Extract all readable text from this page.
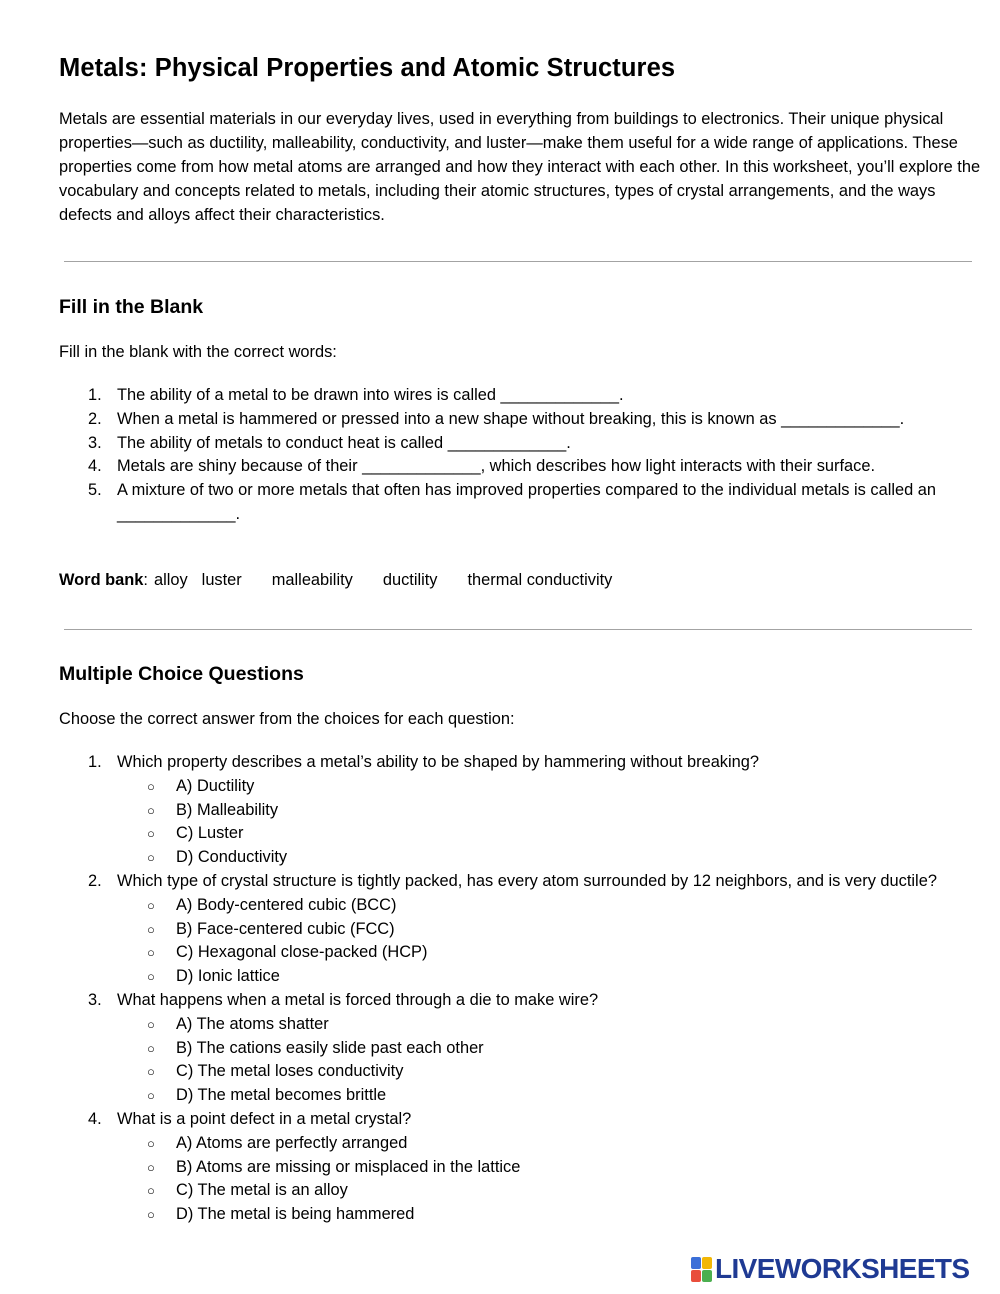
Metals: Physical Properties and Atomic Structures

Metals are essential materials in our everyday lives, used in everything from buildings to electronics. Their unique physical properties—such as ductility, malleability, conductivity, and luster—make them useful for a wide range of applications. These properties come from how metal atoms are arranged and how they interact with each other. In this worksheet, you’ll explore the vocabulary and concepts related to metals, including their atomic structures, types of crystal arrangements, and the ways defects and alloys affect their characteristics.

Fill in the Blank

Fill in the blank with the correct words:

1. The ability of a metal to be drawn into wires is called _____________.
2. When a metal is hammered or pressed into a new shape without breaking, this is known as _____________.
3. The ability of metals to conduct heat is called _____________.
4. Metals are shiny because of their _____________, which describes how light interacts with their surface.
5. A mixture of two or more metals that often has improved properties compared to the individual metals is called an _____________.

Word bank: alloy luster malleability ductility thermal conductivity

Multiple Choice Questions

Choose the correct answer from the choices for each question:

1. Which property describes a metal’s ability to be shaped by hammering without breaking?
○ A) Ductility
○ B) Malleability
○ C) Luster
○ D) Conductivity
2. Which type of crystal structure is tightly packed, has every atom surrounded by 12 neighbors, and is very ductile?
○ A) Body-centered cubic (BCC)
○ B) Face-centered cubic (FCC)
○ C) Hexagonal close-packed (HCP)
○ D) Ionic lattice
3. What happens when a metal is forced through a die to make wire?
○ A) The atoms shatter
○ B) The cations easily slide past each other
○ C) The metal loses conductivity
○ D) The metal becomes brittle
4. What is a point defect in a metal crystal?
○ A) Atoms are perfectly arranged
○ B) Atoms are missing or misplaced in the lattice
○ C) The metal is an alloy
○ D) The metal is being hammered
LIVEWORKSHEETS
